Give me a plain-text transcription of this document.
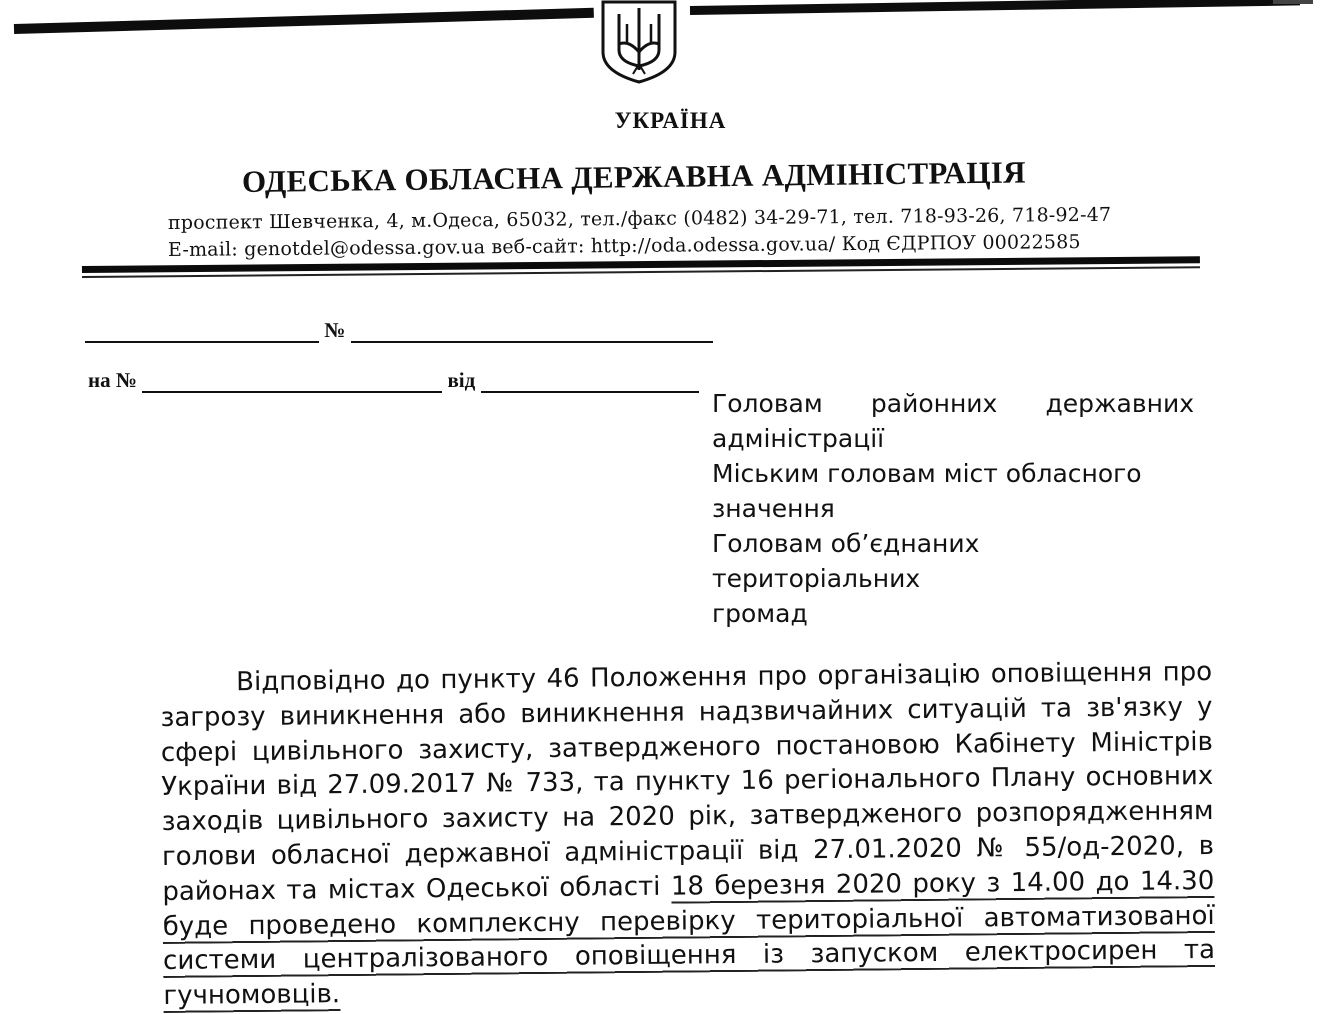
УКРАЇНА
ОДЕСЬКА ОБЛАСНА ДЕРЖАВНА АДМІНІСТРАЦІЯ
проспект Шевченка, 4, м.Одеса, 65032, тел./факс (0482) 34-29-71, тел. 718-93-26, 718-92-47
E-mail: genotdel@odessa.gov.ua веб-сайт: http://oda.odessa.gov.ua/ Код ЄДРПОУ 00022585
№
на №	від
Головам районних державних
адміністрації
Міським головам міст обласного
значення
Головам об’єднаних територіальних
громад

Відповідно до пункту 46 Положення про організацію оповіщення про загрозу виникнення або виникнення надзвичайних ситуацій та зв'язку у сфері цивільного захисту, затвердженого постановою Кабінету Міністрів України від 27.09.2017 № 733, та пункту 16 регіонального Плану основних заходів цивільного захисту на 2020 рік, затвердженого розпорядженням голови обласної державної адміністрації від 27.01.2020 № 55/од-2020, в районах та містах Одеської області 18 березня 2020 року з 14.00 до 14.30 буде проведено комплексну перевірку територіальної автоматизованої системи централізованого оповіщення із запуском електросирен та гучномовців.
